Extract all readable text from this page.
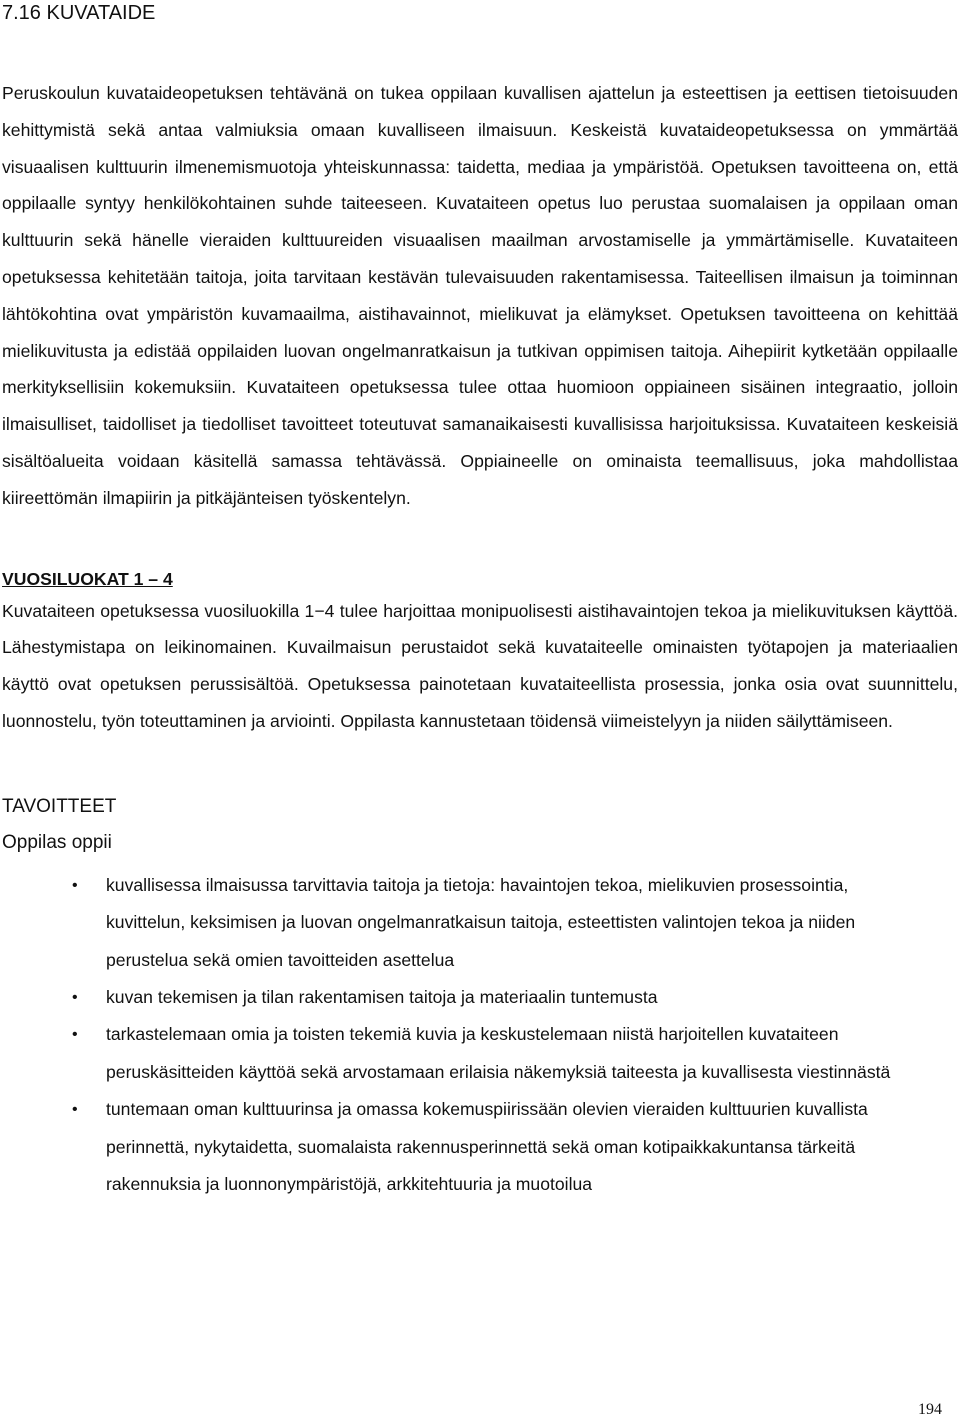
7.16 KUVATAIDE

Peruskoulun kuvataideopetuksen tehtävänä on tukea oppilaan kuvallisen ajattelun ja esteettisen ja eettisen tietoisuuden kehittymistä sekä antaa valmiuksia omaan kuvalliseen ilmaisuun. Keskeistä kuvataideopetuksessa on ymmärtää visuaalisen kulttuurin ilmenemismuotoja yhteiskunnassa: taidetta, mediaa ja ympäristöä. Opetuksen tavoitteena on, että oppilaalle syntyy henkilökohtainen suhde taiteeseen. Kuvataiteen opetus luo perustaa suomalaisen ja oppilaan oman kulttuurin sekä hänelle vieraiden kulttuureiden visuaalisen maailman arvostamiselle ja ymmärtämiselle. Kuvataiteen opetuksessa kehitetään taitoja, joita tarvitaan kestävän tulevaisuuden rakentamisessa. Taiteellisen ilmaisun ja toiminnan lähtökohtina ovat ympäristön kuvamaailma, aistihavainnot, mielikuvat ja elämykset. Opetuksen tavoitteena on kehittää mielikuvitusta ja edistää oppilaiden luovan ongelmanratkaisun ja tutkivan oppimisen taitoja. Aihepiirit kytketään oppilaalle merkityksellisiin kokemuksiin. Kuvataiteen opetuksessa tulee ottaa huomioon oppiaineen sisäinen integraatio, jolloin ilmaisulliset, taidolliset ja tiedolliset tavoitteet toteutuvat samanaikaisesti kuvallisissa harjoituksissa. Kuvataiteen keskeisiä sisältöalueita voidaan käsitellä samassa tehtävässä. Oppiaineelle on ominaista teemallisuus, joka mahdollistaa kiireettömän ilmapiirin ja pitkäjänteisen työskentelyn.

VUOSILUOKAT 1 – 4

Kuvataiteen opetuksessa vuosiluokilla 1−4 tulee harjoittaa monipuolisesti aistihavaintojen tekoa ja mielikuvituksen käyttöä. Lähestymistapa on leikinomainen. Kuvailmaisun perustaidot sekä kuvataiteelle ominaisten työtapojen ja materiaalien käyttö ovat opetuksen perussisältöä. Opetuksessa painotetaan kuvataiteellista prosessia, jonka osia ovat suunnittelu, luonnostelu, työn toteuttaminen ja arviointi. Oppilasta kannustetaan töidensä viimeistelyyn ja niiden säilyttämiseen.

TAVOITTEET

Oppilas oppii

• kuvallisessa ilmaisussa tarvittavia taitoja ja tietoja: havaintojen tekoa, mielikuvien prosessointia, kuvittelun, keksimisen ja luovan ongelmanratkaisun taitoja, esteettisten valintojen tekoa ja niiden perustelua sekä omien tavoitteiden asettelua
• kuvan tekemisen ja tilan rakentamisen taitoja ja materiaalin tuntemusta
• tarkastelemaan omia ja toisten tekemiä kuvia ja keskustelemaan niistä harjoitellen kuvataiteen peruskäsitteiden käyttöä sekä arvostamaan erilaisia näkemyksiä taiteesta ja kuvallisesta viestinnästä
• tuntemaan oman kulttuurinsa ja omassa kokemuspiirissään olevien vieraiden kulttuurien kuvallista perinnettä, nykytaidetta, suomalaista rakennusperinnettä sekä oman kotipaikkakuntansa tärkeitä rakennuksia ja luonnonympäristöjä, arkkitehtuuria ja muotoilua
194
